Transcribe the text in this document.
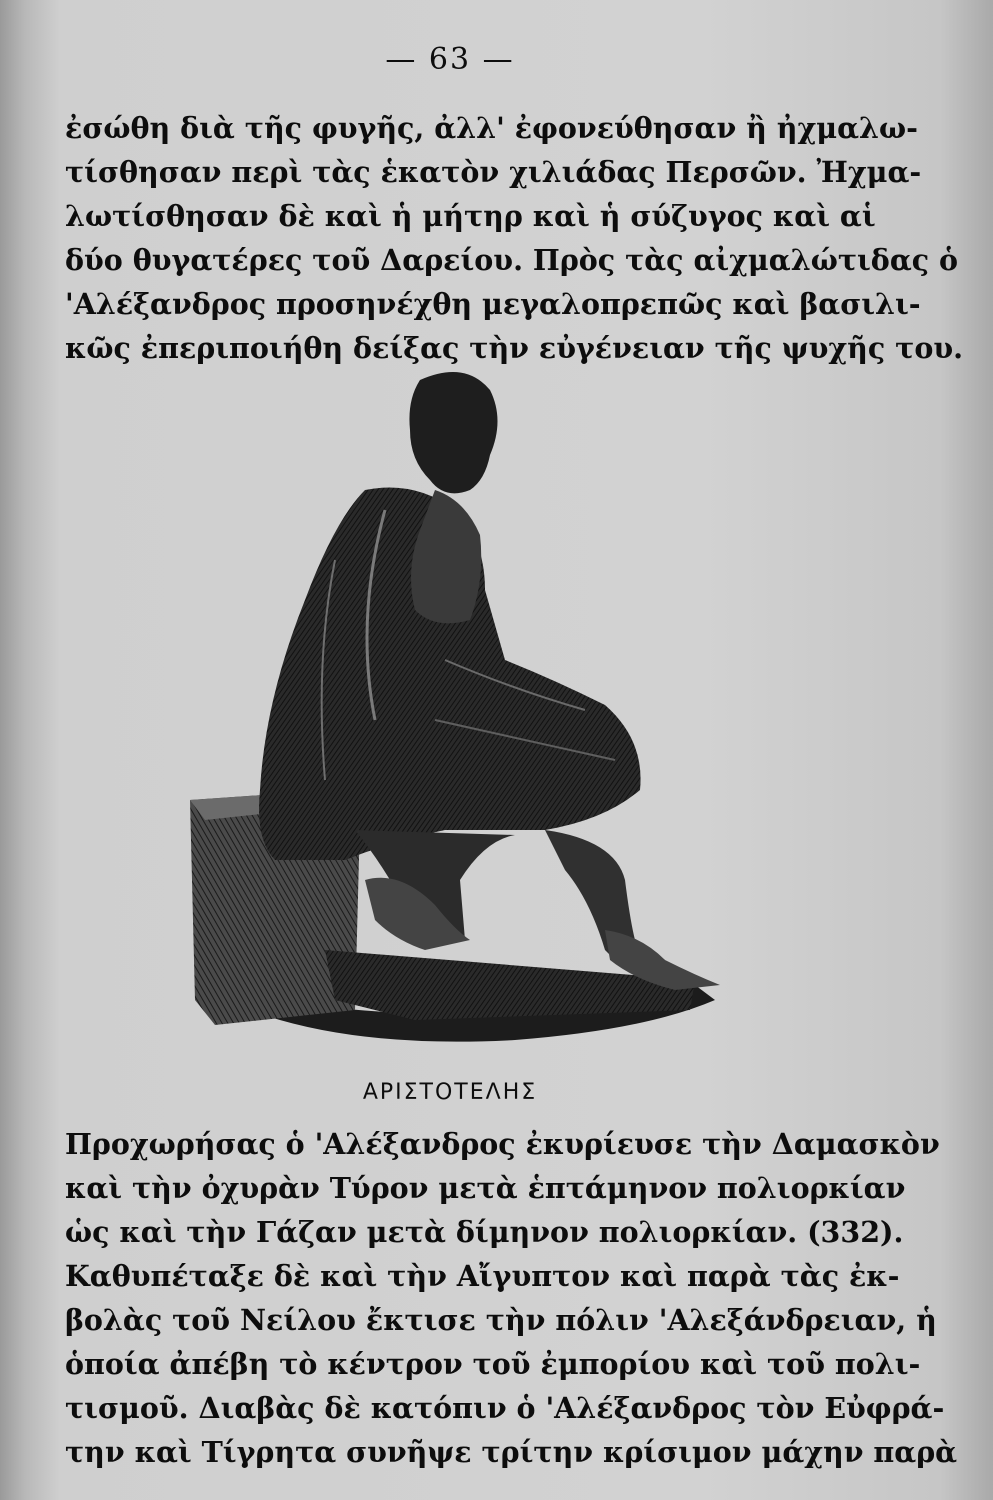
— 63 —
ἐσώθη διὰ τῆς φυγῆς, ἀλλ' ἐφονεύθησαν ἢ ἠχμαλω-
τίσθησαν περὶ τὰς ἑκατὸν χιλιάδας Περσῶν. Ἠχμα-
λωτίσθησαν δὲ καὶ ἡ μήτηρ καὶ ἡ σύζυγος καὶ αἱ
δύο θυγατέρες τοῦ Δαρείου. Πρὸς τὰς αἰχμαλώτιδας ὁ
'Αλέξανδρος προσηνέχθη μεγαλοπρεπῶς καὶ βασιλι-
κῶς ἐπεριποιήθη δείξας τὴν εὐγένειαν τῆς ψυχῆς του.
ΑΡΙΣΤΟΤΕΛΗΣ
Προχωρήσας ὁ 'Αλέξανδρος ἐκυρίευσε τὴν Δαμασκὸν
καὶ τὴν ὀχυρὰν Τύρον μετὰ ἑπτάμηνον πολιορκίαν
ὡς καὶ τὴν Γάζαν μετὰ δίμηνον πολιορκίαν. (332).
Καθυπέταξε δὲ καὶ τὴν Αἴγυπτον καὶ παρὰ τὰς ἐκ-
βολὰς τοῦ Νείλου ἔκτισε τὴν πόλιν 'Αλεξάνδρειαν, ἡ
ὁποία ἀπέβη τὸ κέντρον τοῦ ἐμπορίου καὶ τοῦ πολι-
τισμοῦ. Διαβὰς δὲ κατόπιν ὁ 'Αλέξανδρος τὸν Εὐφρά-
την καὶ Τίγρητα συνῆψε τρίτην κρίσιμον μάχην παρὰ
